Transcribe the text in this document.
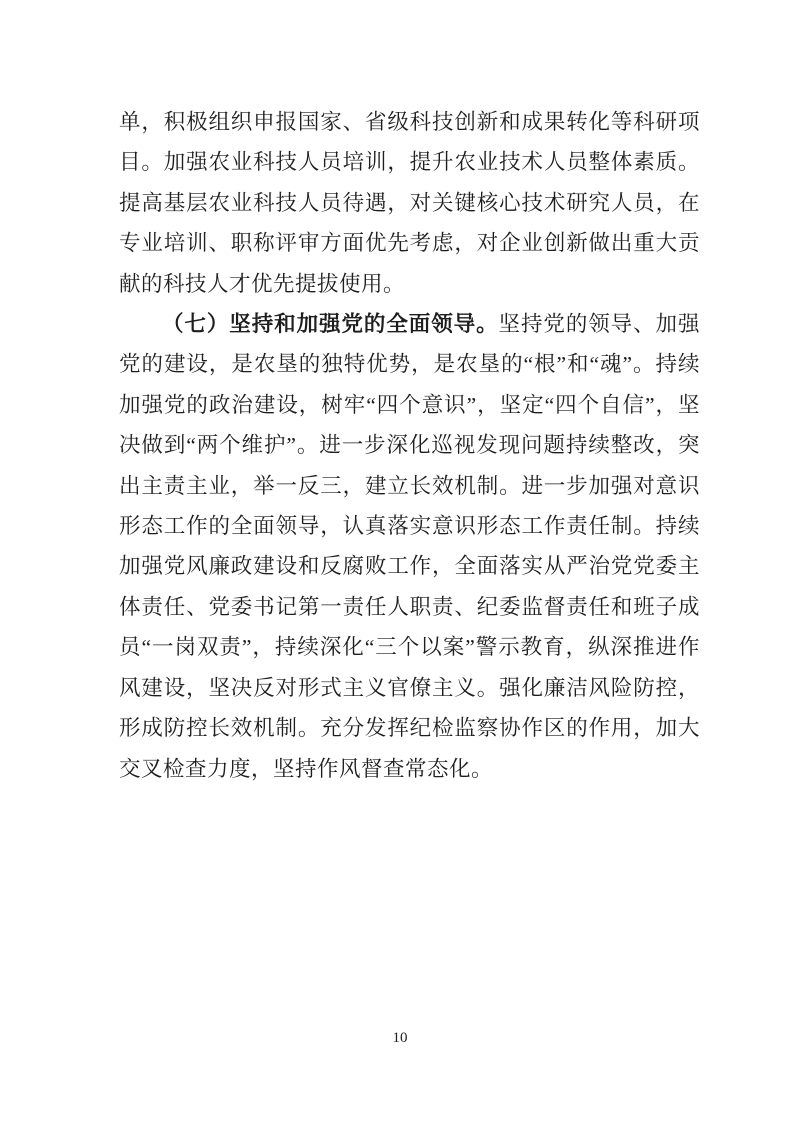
单，积极组织申报国家、省级科技创新和成果转化等科研项目。加强农业科技人员培训，提升农业技术人员整体素质。提高基层农业科技人员待遇，对关键核心技术研究人员，在专业培训、职称评审方面优先考虑，对企业创新做出重大贡献的科技人才优先提拔使用。

（七）坚持和加强党的全面领导。坚持党的领导、加强党的建设，是农垦的独特优势，是农垦的“根”和“魂”。持续加强党的政治建设，树牢“四个意识”，坚定“四个自信”，坚决做到“两个维护”。进一步深化巡视发现问题持续整改，突出主责主业，举一反三，建立长效机制。进一步加强对意识形态工作的全面领导，认真落实意识形态工作责任制。持续加强党风廉政建设和反腐败工作，全面落实从严治党党委主体责任、党委书记第一责任人职责、纪委监督责任和班子成员“一岗双责”，持续深化“三个以案”警示教育，纵深推进作风建设，坚决反对形式主义官僚主义。强化廉洁风险防控，形成防控长效机制。充分发挥纪检监察协作区的作用，加大交叉检查力度，坚持作风督查常态化。

10
